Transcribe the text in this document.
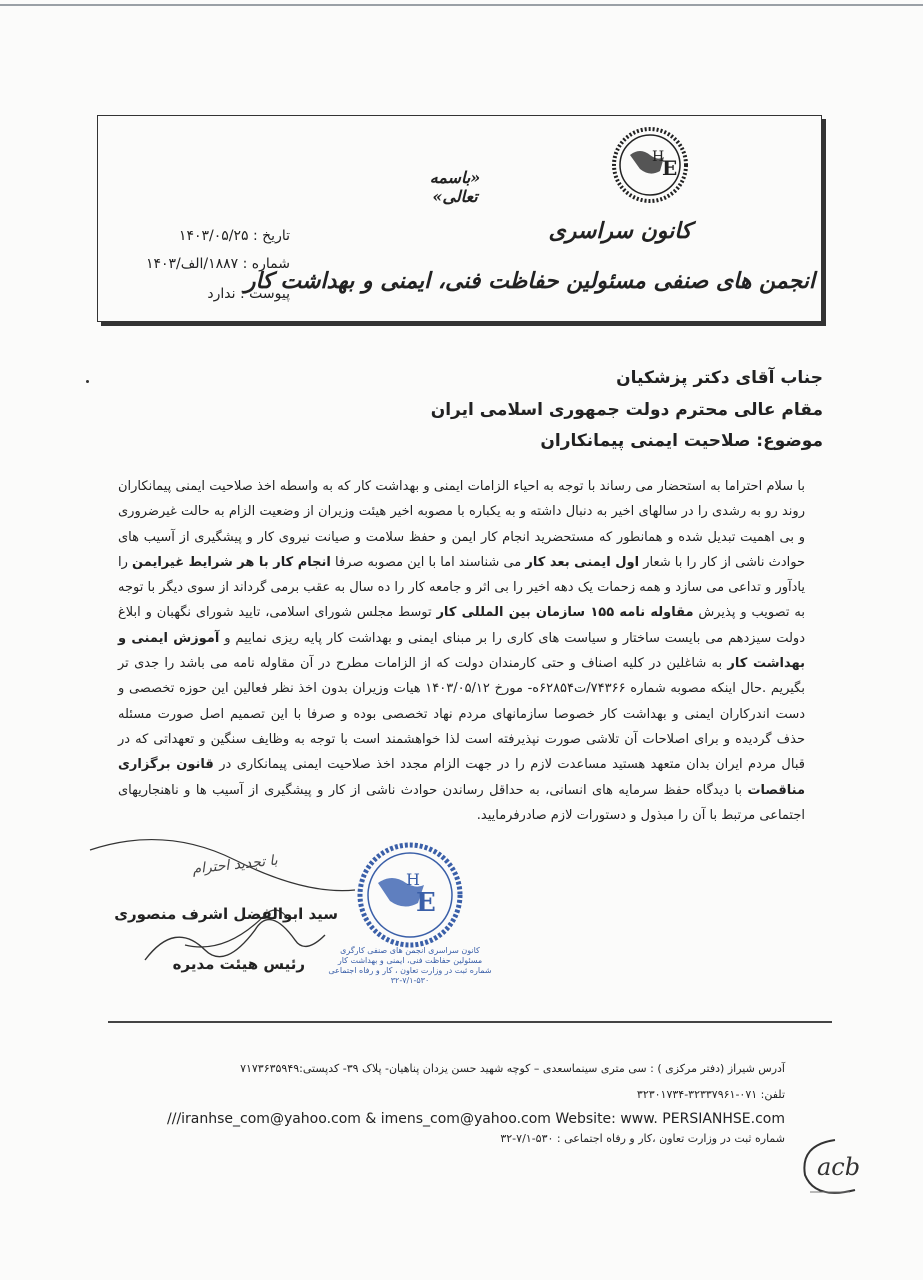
E
H
«باسمه تعالی»
کانون سراسری
انجمن های صنفی مسئولین حفاظت فنی، ایمنی و بهداشت کار
تاریخ : ۱۴۰۳/۰۵/۲۵
شماره : ۱۸۸۷/الف/۱۴۰۳
پیوست : ندارد
جناب آقای دکتر پزشکیان
مقام عالی محترم دولت جمهوری اسلامی ایران
موضوع: صلاحیت ایمنی پیمانکاران
با سلام احتراما به استحضار می رساند با توجه به احیاء الزامات ایمنی و بهداشت کار که به واسطه اخذ صلاحیت ایمنی پیمانکاران روند رو به رشدی را در سالهای اخیر به دنبال داشته و به یکباره با مصوبه اخیر هیئت وزیران از وضعیت الزام به حالت غیرضروری و بی اهمیت تبدیل شده و همانطور که مستحضرید انجام کار ایمن و حفظ سلامت و صیانت نیروی کار و پیشگیری از آسیب های حوادث ناشی از کار را با شعار اول ایمنی بعد کار می شناسند اما با این مصوبه صرفا انجام کار با هر شرایط غیرایمن را یادآور و تداعی می سازد و همه زحمات یک دهه اخیر را بی اثر و جامعه کار را ده سال به عقب برمی گرداند از سوی دیگر با توجه به تصویب و پذیرش مقاوله نامه ۱۵۵ سازمان بین المللی کار توسط مجلس شورای اسلامی، تایید شورای نگهبان و ابلاغ دولت سیزدهم می بایست ساختار و سیاست های کاری را بر مبنای ایمنی و بهداشت کار پایه ریزی نماییم و آموزش ایمنی و بهداشت کار به شاغلین در کلیه اصناف و حتی کارمندان دولت که از الزامات مطرح در آن مقاوله نامه می باشد را جدی تر بگیریم .حال اینکه مصوبه شماره ۷۴۳۶۶/ت۶۲۸۵۴ه- مورخ ۱۴۰۳/۰۵/۱۲ هیات وزیران بدون اخذ نظر فعالین این حوزه تخصصی و دست اندرکاران ایمنی و بهداشت کار خصوصا سازمانهای مردم نهاد تخصصی بوده و صرفا با این تصمیم اصل صورت مسئله حذف گردیده و برای اصلاحات آن تلاشی صورت نپذیرفته است لذا خواهشمند است با توجه به وظایف سنگین و تعهداتی که در قبال مردم ایران بدان متعهد هستید مساعدت لازم را در جهت الزام مجدد اخذ صلاحیت ایمنی پیمانکاری در قانون برگزاری مناقصات با دیدگاه حفظ سرمایه های انسانی، به حداقل رساندن حوادث ناشی از کار و پیشگیری از آسیب ها و ناهنجاریهای اجتماعی مرتبط با آن را مبذول و دستورات لازم صادرفرمایید.
با تجدید احترام
سید ابوالفضل اشرف منصوری
رئیس هیئت مدیره
E
H
کانون سراسری انجمن های صنفی کارگری
مسئولین حفاظت فنی، ایمنی و بهداشت کار
شماره ثبت در وزارت تعاون ، کار و رفاه اجتماعی
۳۲-۷/۱-۵۳۰
آدرس شیراز (دفتر مرکزی ) : سی متری سینماسعدی – کوچه شهید حسن یزدان پناهیان- پلاک ۳۹- کدپستی:۷۱۷۳۶۳۵۹۴۹
تلفن: ۰۷۱-۳۲۳۳۷۹۶۱-۳۲۳۰۱۷۳۴
///iranhse_com@yahoo.com & imens_com@yahoo.com Website: www. PERSIANHSE.com
شماره ثبت در وزارت تعاون ،کار و رفاه اجتماعی : ۵۳۰-۷/۱-۳۲
acb
